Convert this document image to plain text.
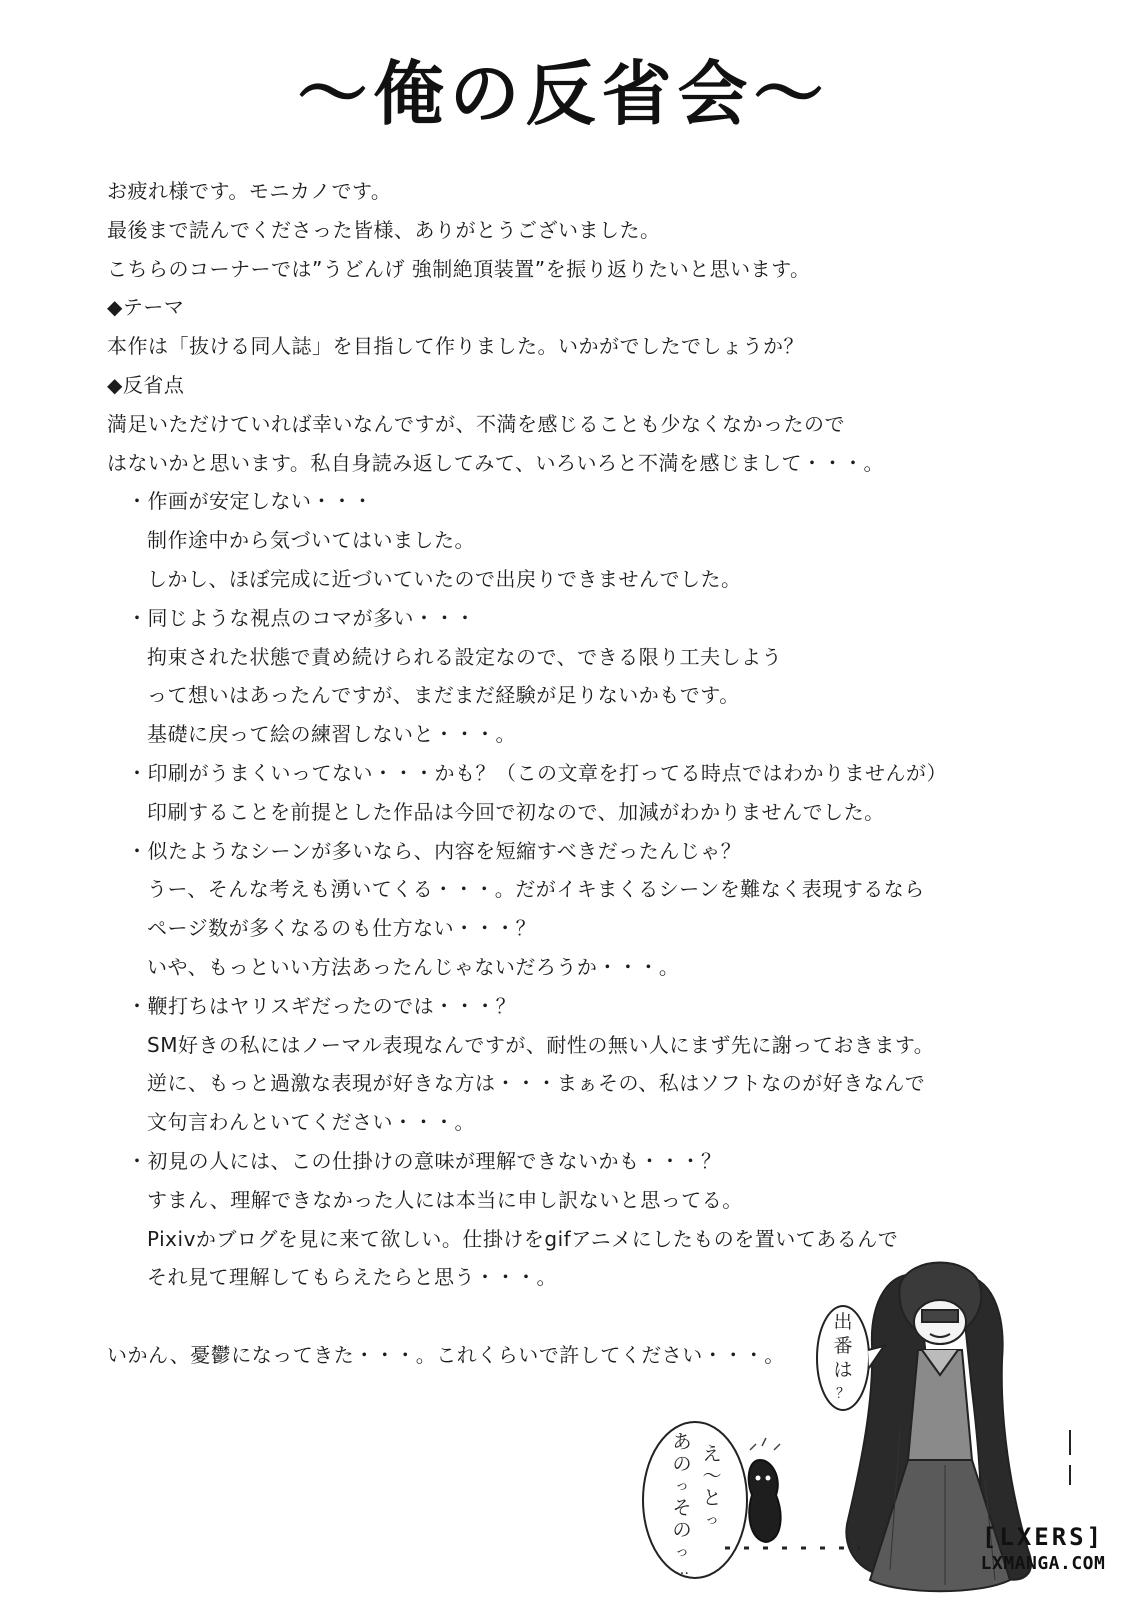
〜俺の反省会〜
お疲れ様です。モニカノです。
最後まで読んでくださった皆様、ありがとうございました。
こちらのコーナーでは”うどんげ 強制絶頂装置”を振り返りたいと思います。
◆テーマ
本作は「抜ける同人誌」を目指して作りました。いかがでしたでしょうか？
◆反省点
満足いただけていれば幸いなんですが、不満を感じることも少なくなかったので
はないかと思います。私自身読み返してみて、いろいろと不満を感じまして・・・。
・作画が安定しない・・・
制作途中から気づいてはいました。
しかし、ほぼ完成に近づいていたので出戻りできませんでした。
・同じような視点のコマが多い・・・
拘束された状態で責め続けられる設定なので、できる限り工夫しよう
って想いはあったんですが、まだまだ経験が足りないかもです。
基礎に戻って絵の練習しないと・・・。
・印刷がうまくいってない・・・かも？（この文章を打ってる時点ではわかりませんが）
印刷することを前提とした作品は今回で初なので、加減がわかりませんでした。
・似たようなシーンが多いなら、内容を短縮すべきだったんじゃ？
うー、そんな考えも湧いてくる・・・。だがイキまくるシーンを難なく表現するなら
ページ数が多くなるのも仕方ない・・・？
いや、もっといい方法あったんじゃないだろうか・・・。
・鞭打ちはヤリスギだったのでは・・・？
SM好きの私にはノーマル表現なんですが、耐性の無い人にまず先に謝っておきます。
逆に、もっと過激な表現が好きな方は・・・まぁその、私はソフトなのが好きなんで
文句言わんといてください・・・。
・初見の人には、この仕掛けの意味が理解できないかも・・・？
すまん、理解できなかった人には本当に申し訳ないと思ってる。
Pixivかブログを見に来て欲しい。仕掛けをgifアニメにしたものを置いてあるんで
それ見て理解してもらえたらと思う・・・。
いかん、憂鬱になってきた・・・。これくらいで許してください・・・。
出
番
は
？
え
〜
と
っ
あ
の
っ
そ
の
っ
…
[LXERS]
LXMANGA.COM
